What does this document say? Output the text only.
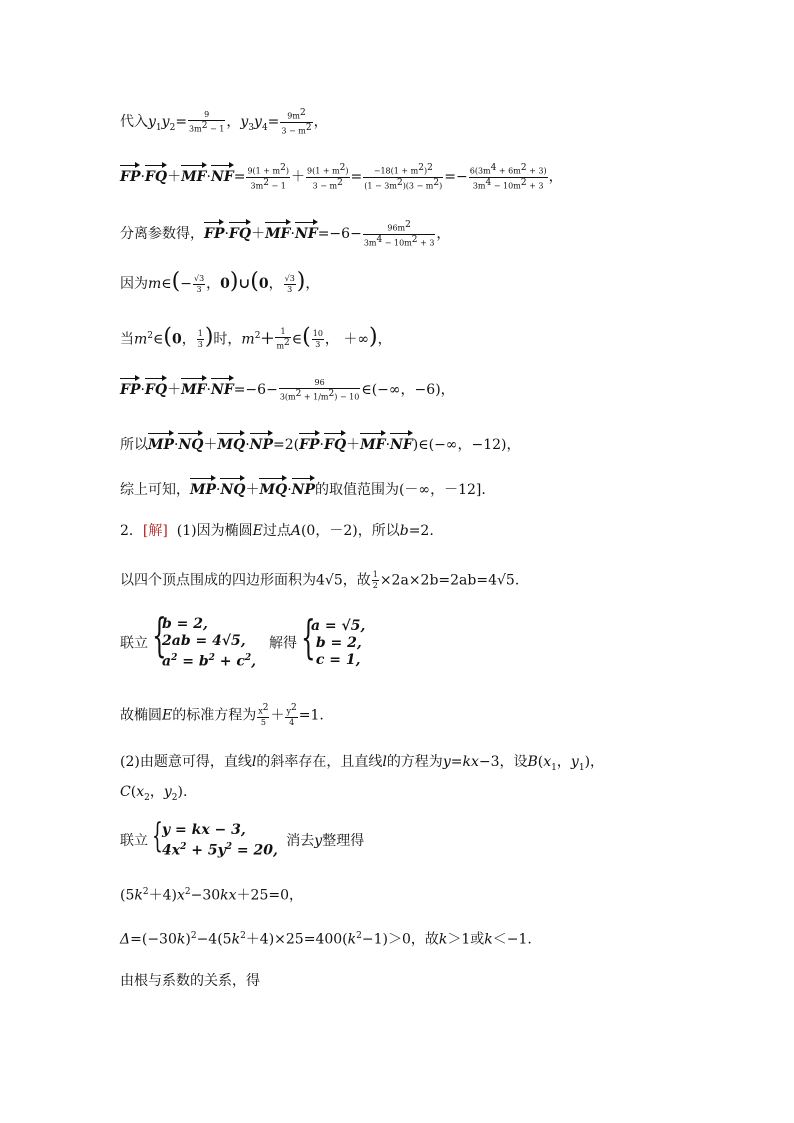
代入$y_1y_2= \frac{9}{3m^2 - 1}$ ，$y_3y_4= \frac{9m^2}{3 - m^2}$ ，
$FP\cdot FQ+MF\cdot NF= \frac{9(1 + m^2)}{3m^2 - 1} + \frac{9(1 + m^2)}{3 - m^2} = \frac{-18(1 + m^2)^2}{(1 - 3m^2)(3 - m^2)} =- \frac{6(3m^4 + 6m^2 + 3)}{3m^4 - 10m^2 + 3}$ ，
分离参数得，$FP\cdot FQ+MF\cdot NF=-6- \frac{96m^2}{3m^4 - 10m^2 + 3}$ ，
因为m∈(− $\frac{√3}{3}$ ，0)∪(0， $\frac{√3}{3}$ )，
当$m^2\in(0$， $\frac{1}{3}$ )时，$m^2+ \frac{1}{m^2}$ ∈( $\frac{10}{3}$ ， ＋∞)，
$FP\cdot FQ+MF\cdot NF=-6- \frac{96}{3(m^2 + 1/m^2) - 10}$ ∈(−∞，−6)，
所以MP·NQ＋MQ·NP=2(FP·FQ＋MF·NF)∈(−∞，−12)，
综上可知，MP·NQ＋MQ·NP的取值范围为(－∞，－12].
2．[解] (1)因为椭圆E过点A(0，－2)，所以b=2.
以四个顶点围成的四边形面积为4√5，故 $\frac{1}{2} \times 2a\times 2b=2ab=4√5$.
联立 {
b = 2,
2ab = 4√5,
$a^2 = b^2 + c^2$,
解得 {
a = √5,
b = 2,
c = 1,
故椭圆E的标准方程为 $\frac{x^2}{5} + \frac{y^2}{4} =1$.
(2)由题意可得，直线l的斜率存在，且直线l的方程为y=kx−3，设$B(x_1$，$y_1$)，
$C(x_2$，$y_2$).
联立 { y = kx − 3,
$4x^2 + 5y^2 = 20$,
消去y整理得
$(5k^2+4)x^2-30kx+25=0$，
$\Delta=(-30k)^2-4(5k^2+4)\times 25=400(k^2-1)>0$，故k＞1或k＜−1.
由根与系数的关系，得
